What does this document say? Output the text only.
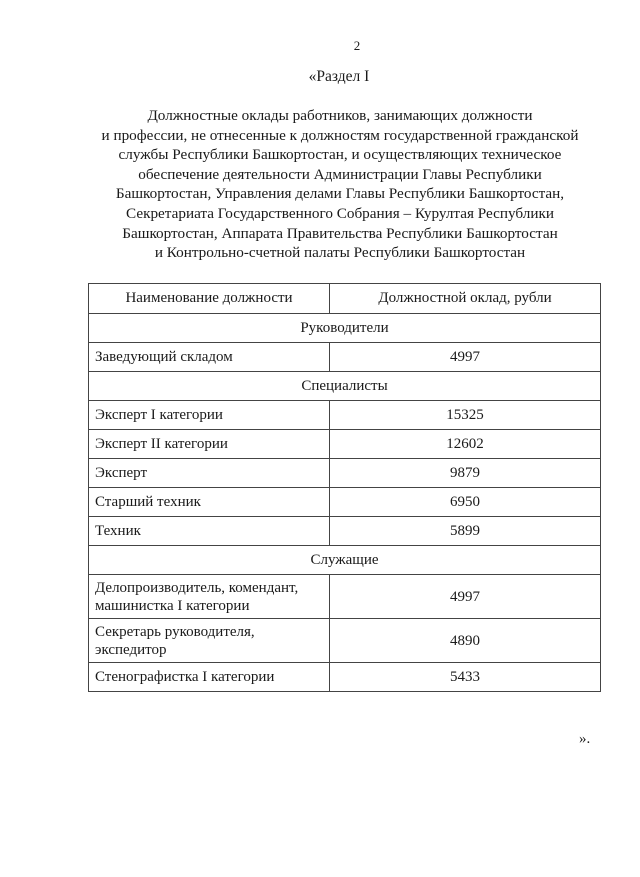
2
«Раздел I
Должностные оклады работников, занимающих должности
и профессии, не отнесенные к должностям государственной гражданской
службы Республики Башкортостан, и осуществляющих техническое
обеспечение деятельности Администрации Главы Республики
Башкортостан, Управления делами Главы Республики Башкортостан,
Секретариата Государственного Собрания – Курултая Республики
Башкортостан, Аппарата Правительства Республики Башкортостан
и Контрольно-счетной палаты Республики Башкортостан
Наименование должности	Должностной оклад, рубли
Руководители	
Заведующий складом	4997
Специалисты	
Эксперт I категории	15325
Эксперт II категории	12602
Эксперт	9879
Старший техник	6950
Техник	5899
Служащие	
Делопроизводитель, комендант, машинистка I категории	4997
Секретарь руководителя, экспедитор	4890
Стенографистка I категории	5433
».
